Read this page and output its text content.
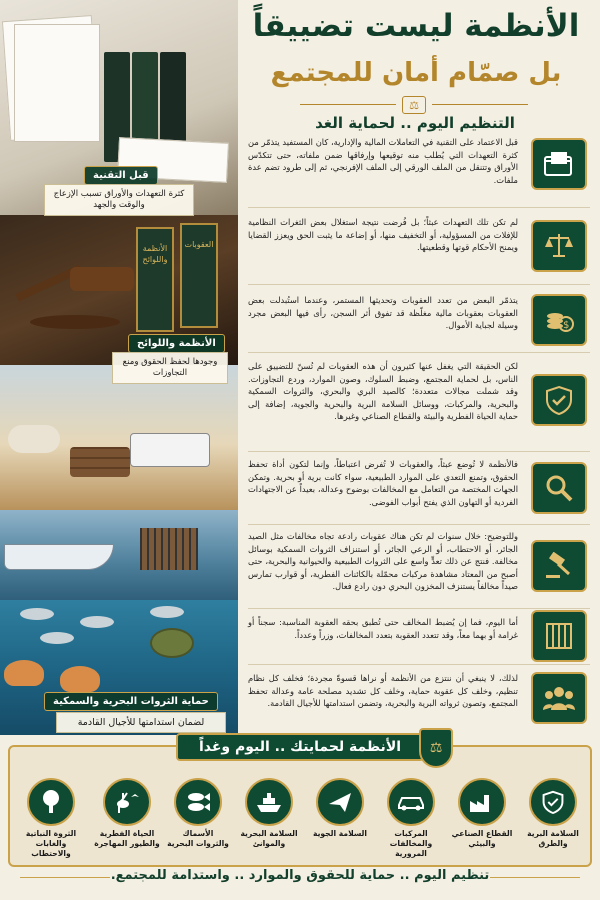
الأنظمة واللوائح
العقوبات
قبل التقنية
كثرة التعهدات والأوراق تسبب الإزعاج والوقت والجهد
الأنظمة واللوائح
وجودها لحفظ الحقوق ومنع التجاوزات
حماية الثروات البحرية والسمكية
لضمان استدامتها للأجيال القادمة
الأنظمة ليست تضييقاً
بل صمّام أمان للمجتمع
⚖
التنظيم اليوم .. لحماية الغد
قبل الاعتماد على التقنية في التعاملات المالية والإدارية، كان المستفيد يتذمّر من كثرة التعهدات التي يُطلب منه توقيعها وإرفاقها ضمن ملفاته، حتى تتكدّس الأوراق وتتنقل من الملف الورقي إلى الملف الإفرنجي، ثم إلى طرود تضم عدة ملفات.
لم تكن تلك التعهدات عبثاً؛ بل فُرضت نتيجة استغلال بعض الثغرات النظامية للإفلات من المسؤولية، أو التخفيف منها، أو إضاعة ما يثبت الحق ويعزز القضايا ويمنح الأحكام قوتها وقطعيتها.
يتذمّر البعض من تعدد العقوبات وتحديثها المستمر، وعندما استُبدلت بعض العقوبات بعقوبات مالية مغلّظة قد تفوق أثر السجن، رأى فيها البعض مجرد وسيلة لجباية الأموال.	$
لكن الحقيقة التي يغفل عنها كثيرون أن هذه العقوبات لم تُسنّ للتضييق على الناس، بل لحماية المجتمع، وضبط السلوك، وصون الموارد، وردع التجاوزات. وقد شملت مجالات متعددة؛ كالصيد البري والبحري، والثروات السمكية والبحرية، والمركبات، ووسائل السلامة البرية والبحرية والجوية، إضافة إلى حماية الحياة الفطرية والبيئة والقطاع الصناعي وغيرها.
فالأنظمة لا تُوضع عبثاً، والعقوبات لا تُفرض اعتباطاً، وإنما لتكون أداة تحفظ الحقوق، وتمنع التعدي على الموارد الطبيعية، سواء كانت برية أو بحرية. وتمكن الجهات المختصة من التعامل مع المخالفات بوضوح وعدالة، بعيداً عن الاجتهادات الفردية أو التهاون الذي يفتح أبواب الفوضى.
وللتوضيح: خلال سنوات لم تكن هناك عقوبات رادعة تجاه مخالفات مثل الصيد الجائر، أو الاحتطاب، أو الرعي الجائر، أو استنزاف الثروات السمكية بوسائل مخالفة. فنتج عن ذلك تعدٍّ واسع على الثروات الطبيعية والحيوانية والبحرية، حتى أصبح من المعتاد مشاهدة مركبات محمّلة بالكائنات الفطرية، أو قوارب تمارس صيداً مخالفاً يستنزف المخزون البحري دون رادع فعال.
أما اليوم، فما إن يُضبط المخالف حتى تُطبق بحقه العقوبة المناسبة: سجناً أو غرامة أو بهما معاً، وقد تتعدد العقوبة بتعدد المخالفات، وزراً وعدداً.
لذلك، لا ينبغي أن ننتزع من الأنظمة أو نراها قسوةً مجردة؛ فخلف كل نظام تنظيم، وخلف كل عقوبة حماية، وخلف كل تشديد مصلحة عامة وعدالة تحفظ المجتمع، وتصون ثرواته البرية والبحرية، وتضمن استدامتها للأجيال القادمة.
الأنظمة لحمايتك .. اليوم وغداً ⚖
السلامة البرية والطرق
القطاع الصناعي والبيئي
المركبات والمخالفات المرورية
السلامة الجوية
السلامة البحرية والموانئ
الأسماك والثروات البحرية
الحياة الفطرية والطيور المهاجرة
الثروة النباتية والغابات والاحتطاب
تنظيم اليوم .. حماية للحقوق والموارد .. واستدامة للمجتمع.
